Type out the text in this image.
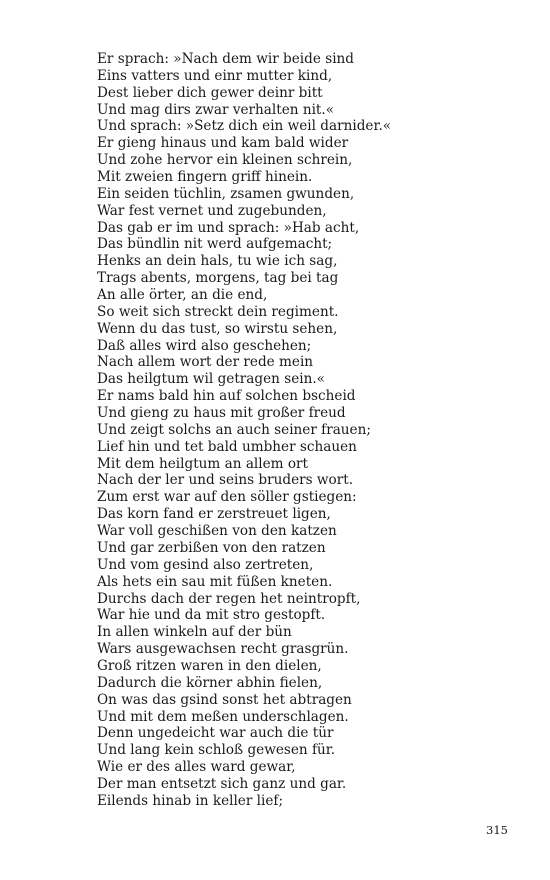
Er sprach: »Nach dem wir beide sind
Eins vatters und einr mutter kind,
Dest lieber dich gewer deinr bitt
Und mag dirs zwar verhalten nit.«
Und sprach: »Setz dich ein weil darnider.«
Er gieng hinaus und kam bald wider
Und zohe hervor ein kleinen schrein,
Mit zweien fingern griff hinein.
Ein seiden tüchlin, zsamen gwunden,
War fest vernet und zugebunden,
Das gab er im und sprach: »Hab acht,
Das bündlin nit werd aufgemacht;
Henks an dein hals, tu wie ich sag,
Trags abents, morgens, tag bei tag
An alle örter, an die end,
So weit sich streckt dein regiment.
Wenn du das tust, so wirstu sehen,
Daß alles wird also geschehen;
Nach allem wort der rede mein
Das heilgtum wil getragen sein.«
Er nams bald hin auf solchen bscheid
Und gieng zu haus mit großer freud
Und zeigt solchs an auch seiner frauen;
Lief hin und tet bald umbher schauen
Mit dem heilgtum an allem ort
Nach der ler und seins bruders wort.
Zum erst war auf den söller gstiegen:
Das korn fand er zerstreuet ligen,
War voll geschißen von den katzen
Und gar zerbißen von den ratzen
Und vom gesind also zertreten,
Als hets ein sau mit füßen kneten.
Durchs dach der regen het neintropft,
War hie und da mit stro gestopft.
In allen winkeln auf der bün
Wars ausgewachsen recht grasgrün.
Groß ritzen waren in den dielen,
Dadurch die körner abhin fielen,
On was das gsind sonst het abtragen
Und mit dem meßen underschlagen.
Denn ungedeicht war auch die tür
Und lang kein schloß gewesen für.
Wie er des alles ward gewar,
Der man entsetzt sich ganz und gar.
Eilends hinab in keller lief;
315
